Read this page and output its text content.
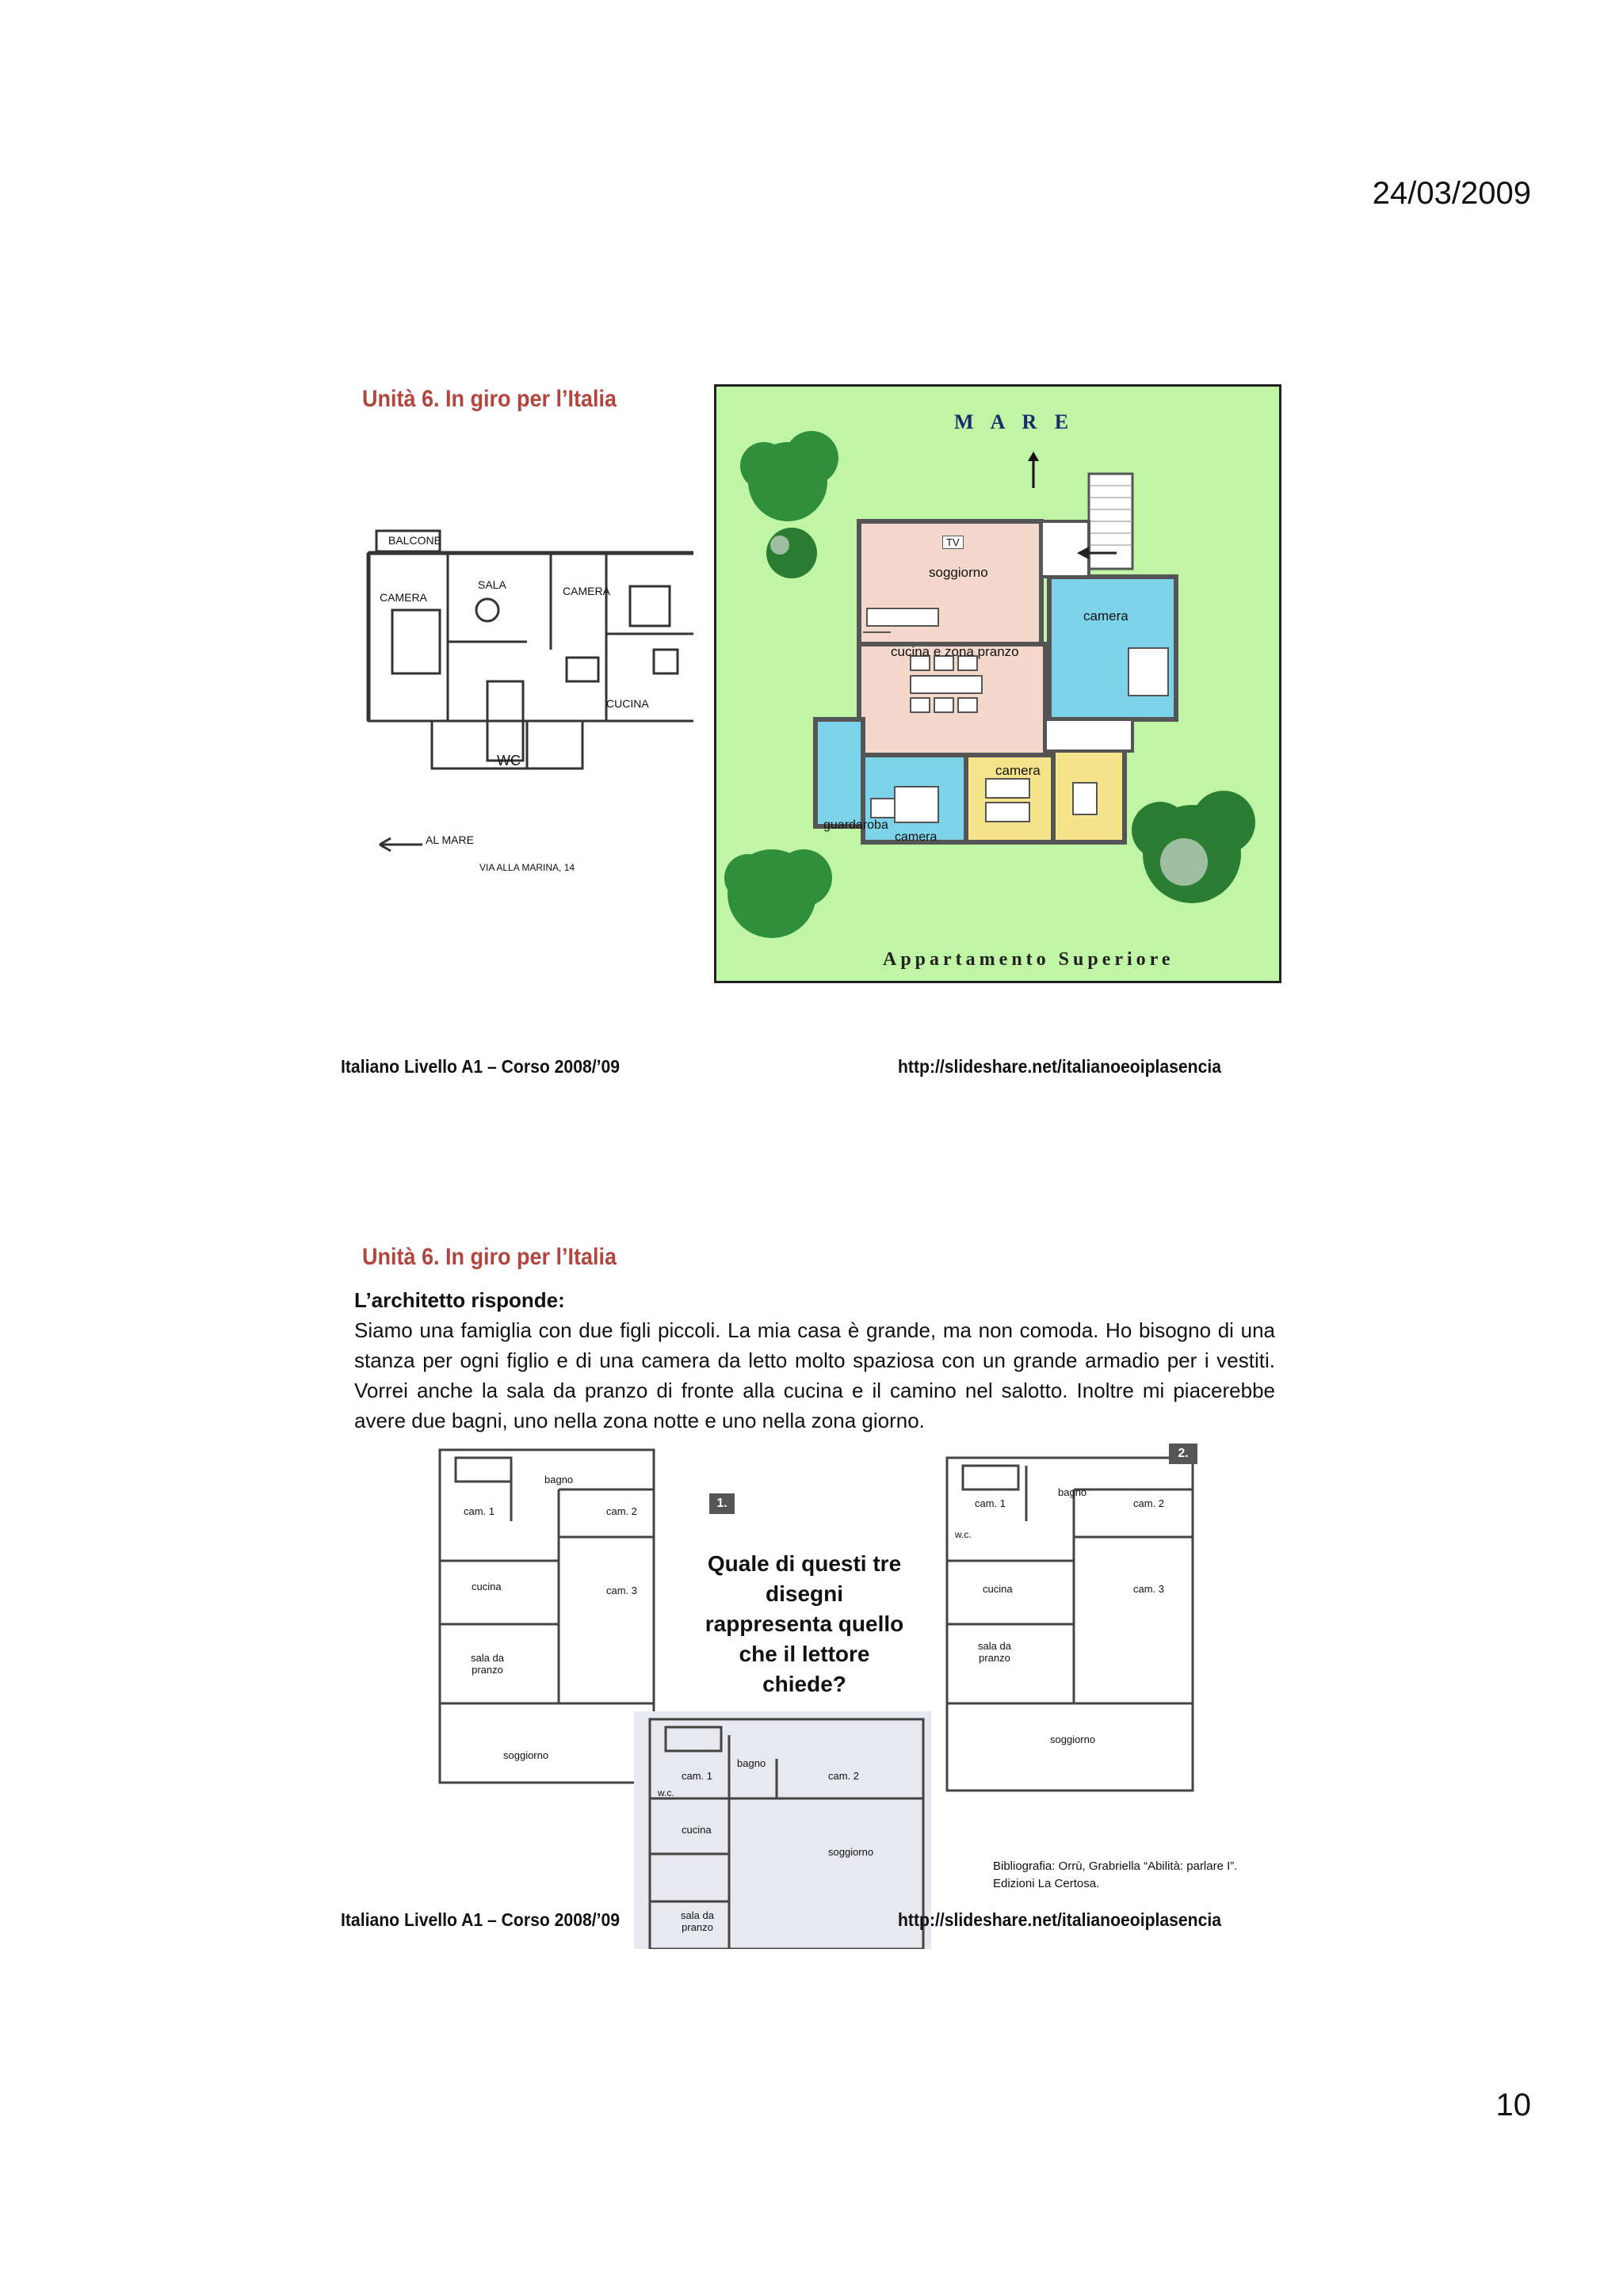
24/03/2009
Unità 6. In giro per l’Italia
BALCONE
SALA	CAMERA
CAMERA
CUCINA
WC
AL MARE
VIA ALLA MARINA, 14
M A R E
TV
soggiorno
camera
cucina e zona pranzo
camera
guardaroba
camera
Appartamento Superiore
Italiano Livello A1 – Corso 2008/’09	http://slideshare.net/italianoeoiplasencia
Unità 6. In giro per l’Italia
L’architetto risponde:
Siamo una famiglia con due figli piccoli. La mia casa è grande, ma non comoda. Ho bisogno di una stanza per ogni figlio e di una camera da letto molto spaziosa con un grande armadio per i vestiti. Vorrei anche la sala da pranzo di fronte alla cucina e il camino nel salotto. Inoltre mi piacerebbe avere due bagni, uno nella zona notte e uno nella zona giorno.
bagno
cam. 1	cam. 2
cucina	cam. 3
sala da pranzo
soggiorno
1.
Quale di questi tre disegni rappresenta quello che il lettore chiede?
bagno
cam. 1	cam. 2
w.c.
cucina	cam. 3
sala da pranzo
soggiorno
2.
bagno
cam. 1	cam. 2
w.c.
cucina
soggiorno
sala da pranzo
Bibliografia: Orrù, Grabriella “Abilità: parlare I”. Edizioni La Certosa.
Italiano Livello A1 – Corso 2008/’09	http://slideshare.net/italianoeoiplasencia
10
